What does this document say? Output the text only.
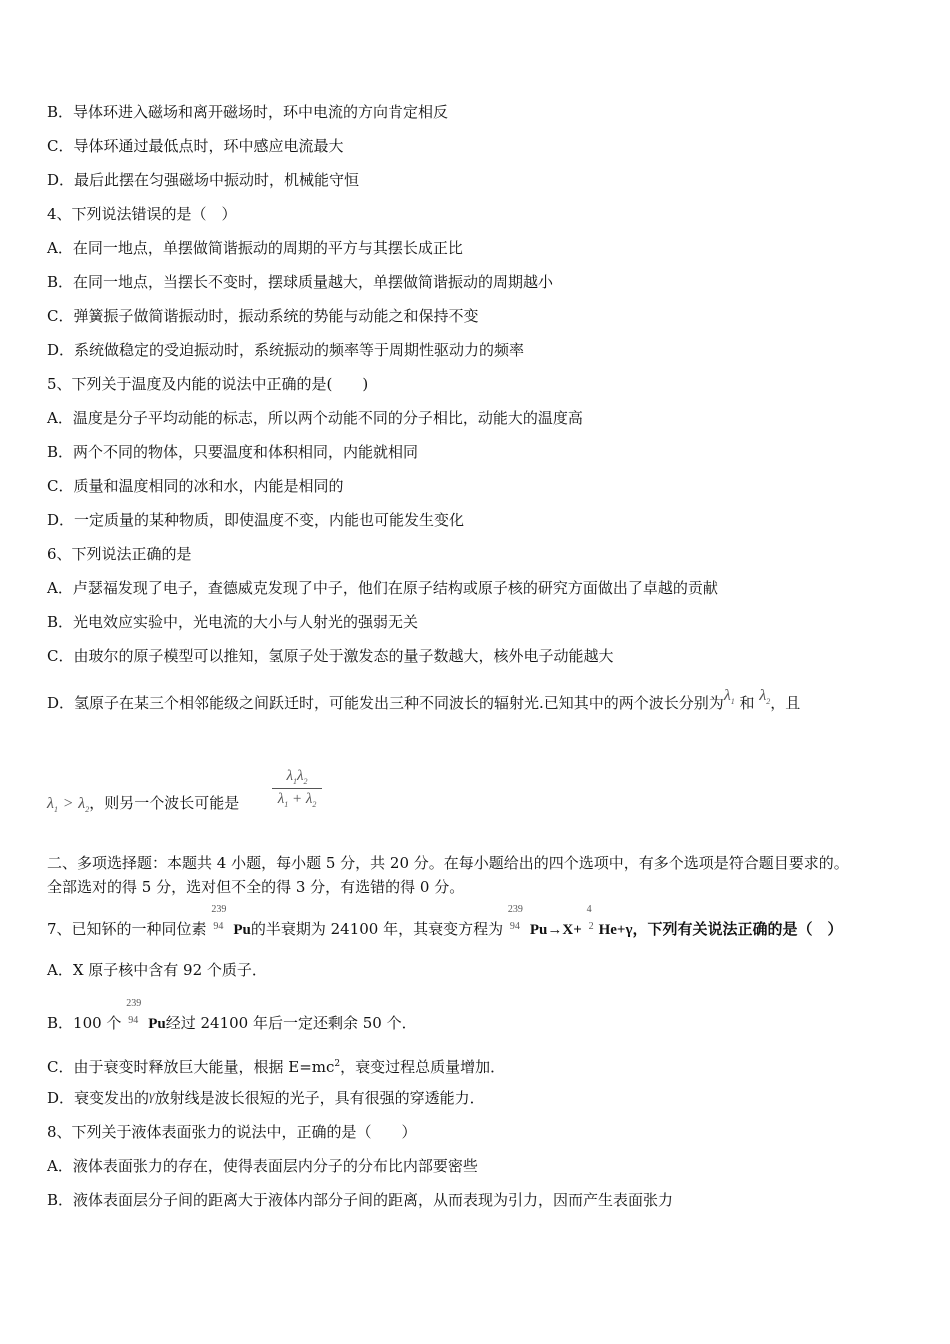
B．导体环进入磁场和离开磁场时，环中电流的方向肯定相反
C．导体环通过最低点时，环中感应电流最大
D．最后此摆在匀强磁场中振动时，机械能守恒
4、下列说法错误的是（　）
A．在同一地点，单摆做简谐振动的周期的平方与其摆长成正比
B．在同一地点，当摆长不变时，摆球质量越大，单摆做简谐振动的周期越小
C．弹簧振子做简谐振动时，振动系统的势能与动能之和保持不变
D．系统做稳定的受迫振动时，系统振动的频率等于周期性驱动力的频率
5、下列关于温度及内能的说法中正确的是(　　)
A．温度是分子平均动能的标志，所以两个动能不同的分子相比，动能大的温度高
B．两个不同的物体，只要温度和体积相同，内能就相同
C．质量和温度相同的冰和水，内能是相同的
D．一定质量的某种物质，即使温度不变，内能也可能发生变化
6、下列说法正确的是
A．卢瑟福发现了电子，查德威克发现了中子，他们在原子结构或原子核的研究方面做出了卓越的贡献
B．光电效应实验中，光电流的大小与人射光的强弱无关
C．由玻尔的原子模型可以推知，氢原子处于激发态的量子数越大，核外电子动能越大
D．氢原子在某三个相邻能级之间跃迁时，可能发出三种不同波长的辐射光.已知其中的两个波长分别为$\lambda_1$ 和 $\lambda_2$，且
$\lambda_1 > \lambda_2$，则另一个波长可能是
$\lambda_1\lambda_2$
$\lambda_1 + \lambda_2$
二、多项选择题：本题共 4 小题，每小题 5 分，共 20 分。在每小题给出的四个选项中，有多个选项是符合题目要求的。
全部选对的得 5 分，选对但不全的得 3 分，有选错的得 0 分。
7、已知钚的一种同位素
239
94 Pu的半衰期为 24100 年，其衰变方程为
239
94 Pu→X+
4
2 He+γ，下列有关说法正确的是（　）
A．X 原子核中含有 92 个质子．
B．100 个
239
94 Pu经过 24100 年后一定还剩余 50 个．
C．由于衰变时释放巨大能量，根据 $E=mc^2$，衰变过程总质量增加．
D．衰变发出的γ放射线是波长很短的光子，具有很强的穿透能力．
8、下列关于液体表面张力的说法中，正确的是（　　）
A．液体表面张力的存在，使得表面层内分子的分布比内部要密些
B．液体表面层分子间的距离大于液体内部分子间的距离，从而表现为引力，因而产生表面张力
